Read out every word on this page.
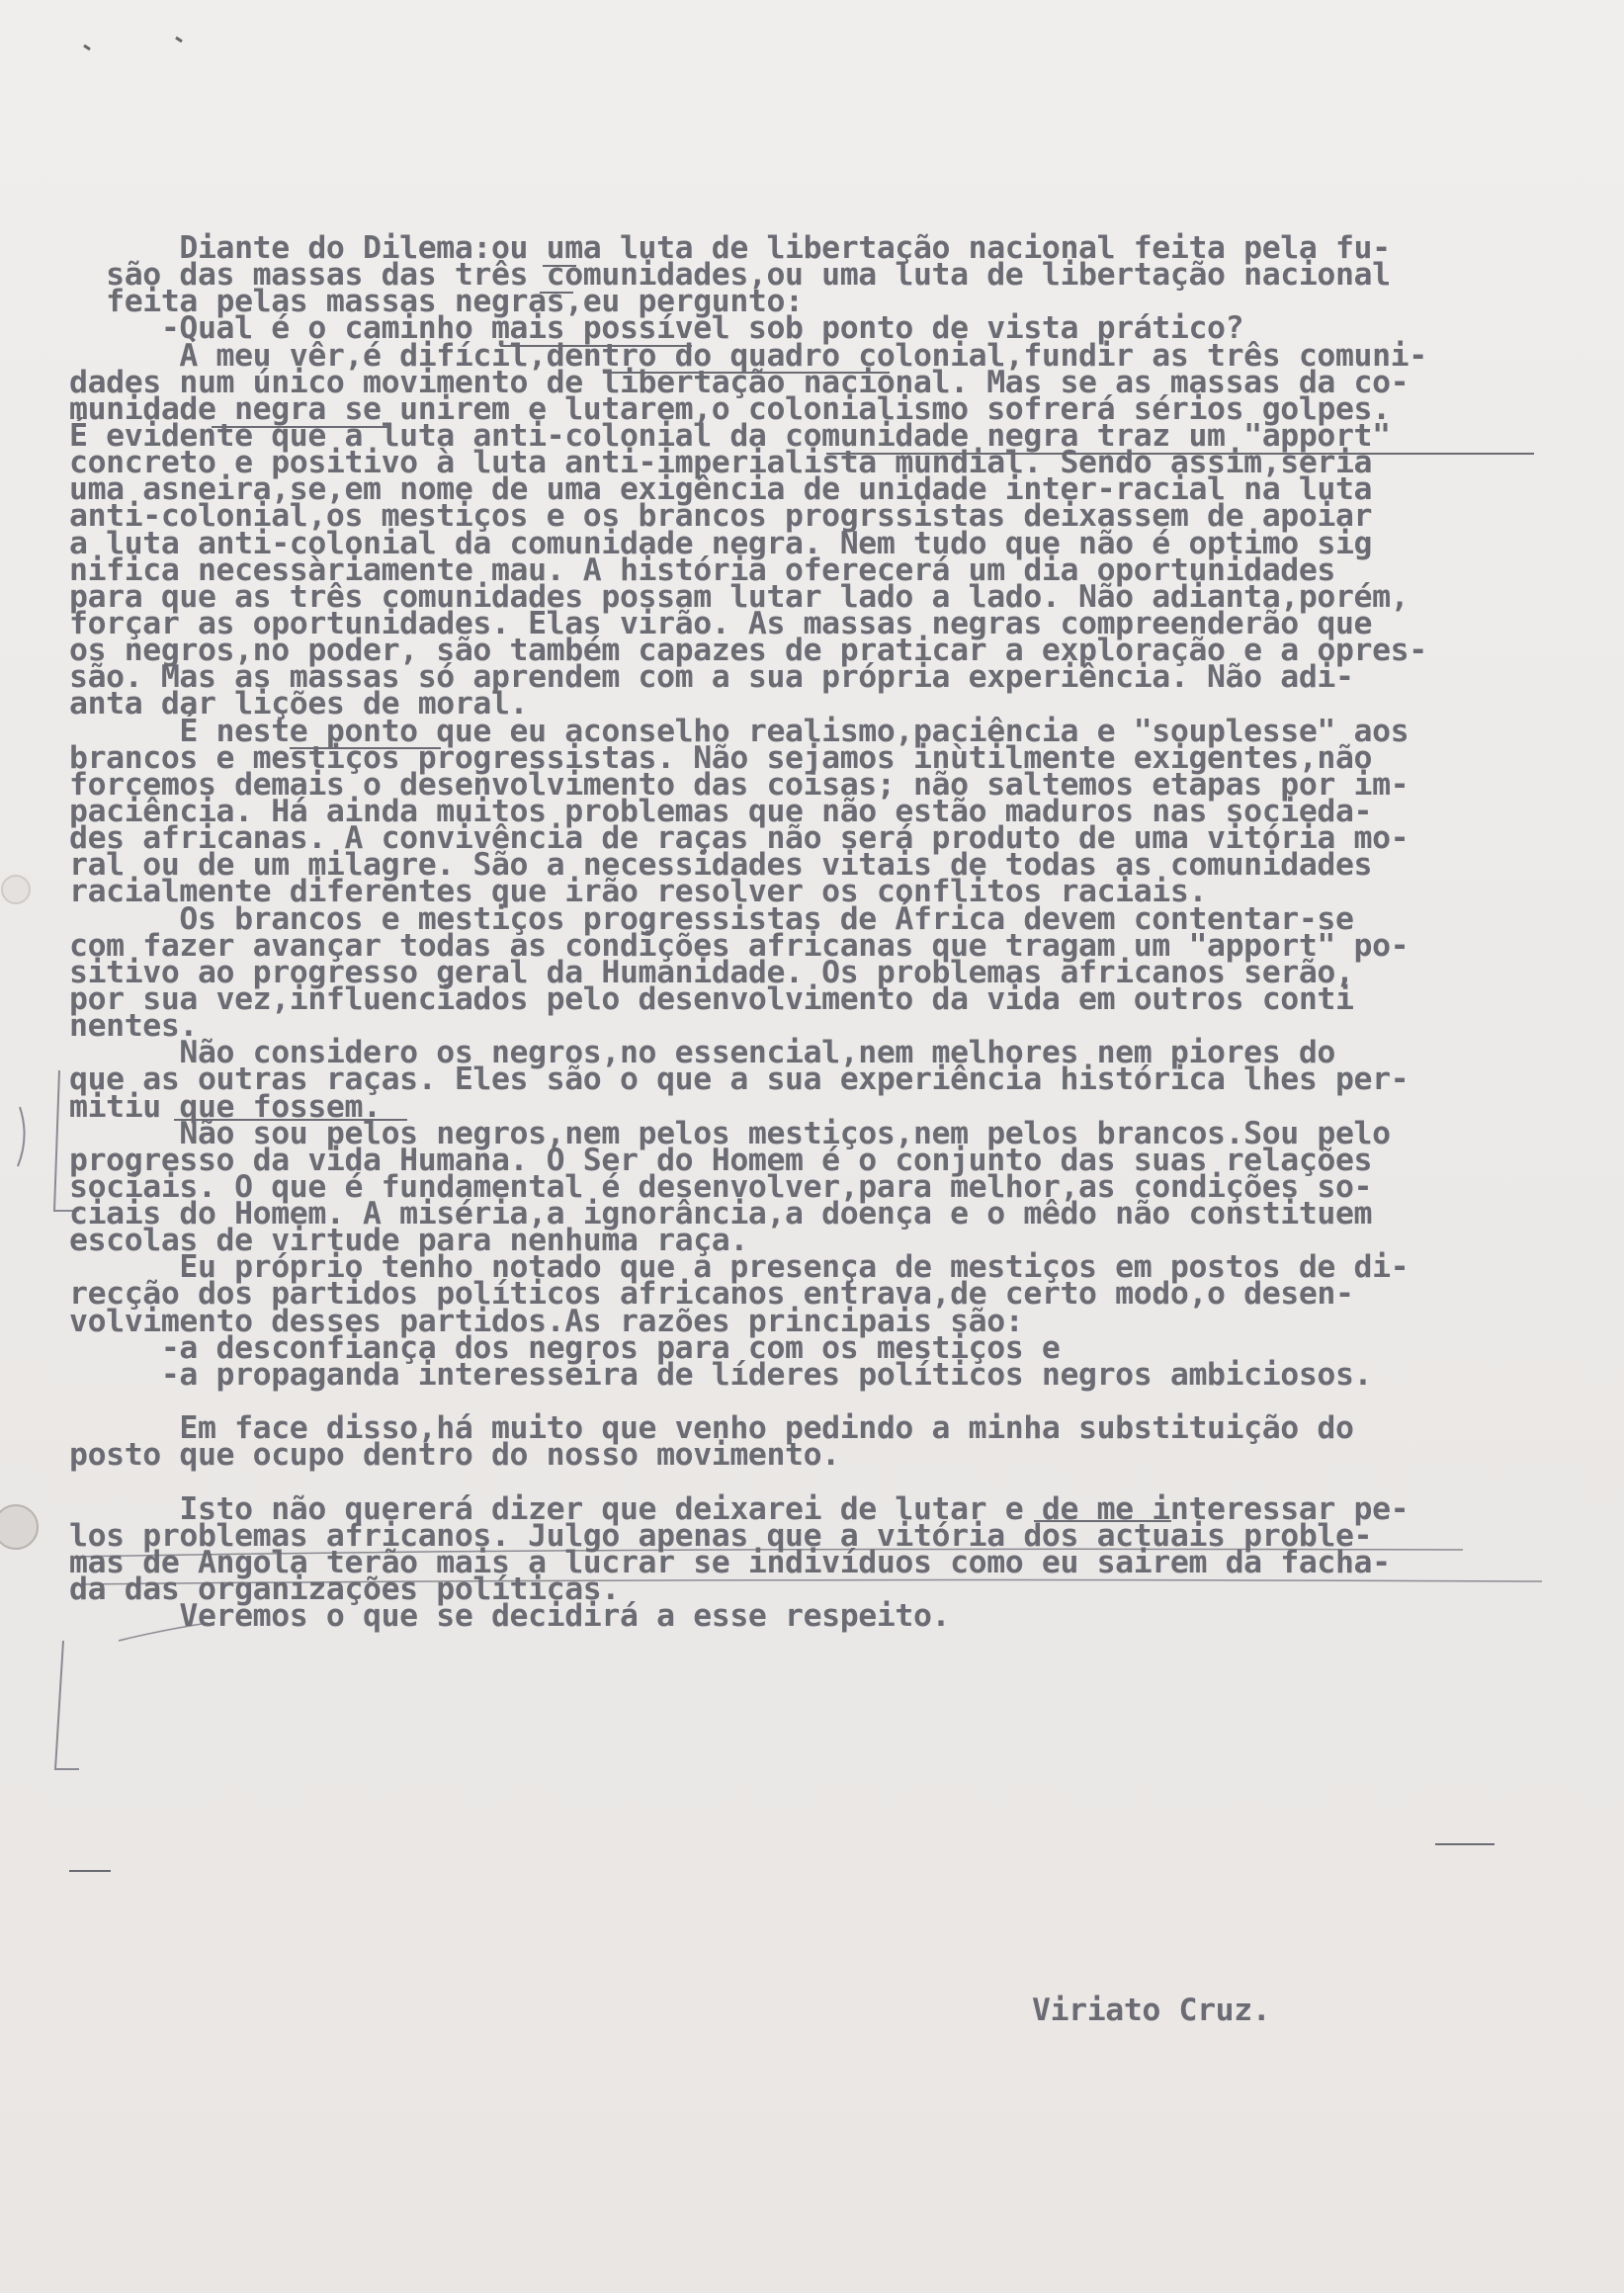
Diante do Dilema:ou uma luta de libertação nacional feita pela fu-
são das massas das três comunidades,ou uma luta de libertação nacional
feita pelas massas negras,eu pergunto:
-Qual é o caminho mais possível sob ponto de vista prático?
A meu vêr,é difícil,dentro do quadro colonial,fundir as três comuni-
dades num único movimento de libertação nacional. Mas se as massas da co-
munidade negra se unirem e lutarem,o colonialismo sofrerá sérios golpes.
É evidente que a luta anti-colonial da comunidade negra traz um "apport"
concreto e positivo à luta anti-imperialista mundial. Sendo assim,seria
uma asneira,se,em nome de uma exigência de unidade inter-racial na luta
anti-colonial,os mestiços e os brancos progrssistas deixassem de apoiar
a luta anti-colonial da comunidade negra. Nem tudo que não é optimo sig
nifica necessàriamente mau. A história oferecerá um dia oportunidades
para que as três comunidades possam lutar lado a lado. Não adianta,porém,
forçar as oportunidades. Elas virão. As massas negras compreenderão que
os negros,no poder, são também capazes de praticar a exploração e a opres-
são. Mas as massas só aprendem com a sua própria experiência. Não adi-
anta dar lições de moral.
É neste ponto que eu aconselho realismo,paciência e "souplesse" aos
brancos e mestiços progressistas. Não sejamos inùtilmente exigentes,não
forcemos demais o desenvolvimento das coisas; não saltemos etapas por im-
paciência. Há ainda muitos problemas que não estão maduros nas socieda-
des africanas. A convivência de raças não será produto de uma vitória mo-
ral ou de um milagre. São a necessidades vitais de todas as comunidades
racialmente diferentes que irão resolver os conflitos raciais.
Os brancos e mestiços progressistas de África devem contentar-se
com fazer avançar todas as condições africanas que tragam um "apport" po-
sitivo ao progresso geral da Humanidade. Os problemas africanos serão,
por sua vez,influenciados pelo desenvolvimento da vida em outros conti
nentes.
Não considero os negros,no essencial,nem melhores nem piores do
que as outras raças. Eles são o que a sua experiência histórica lhes per-
mitiu que fossem.
Não sou pelos negros,nem pelos mestiços,nem pelos brancos.Sou pelo
progresso da vida Humana. O Ser do Homem é o conjunto das suas relações
sociais. O que é fundamental é desenvolver,para melhor,as condições so-
ciais do Homem. A miséria,a ignorância,a doença e o mêdo não constituem
escolas de virtude para nenhuma raça.
Eu próprio tenho notado que a presença de mestiços em postos de di-
recção dos partidos políticos africanos entrava,de certo modo,o desen-
volvimento desses partidos.As razões principais são:
-a desconfiança dos negros para com os mestiços e
-a propaganda interesseira de líderes políticos negros ambiciosos.
Em face disso,há muito que venho pedindo a minha substituição do
posto que ocupo dentro do nosso movimento.
Isto não quererá dizer que deixarei de lutar e de me interessar pe-
los problemas africanos. Julgo apenas que a vitória dos actuais proble-
mas de Angola terão mais a lucrar se indivíduos como eu sairem da facha-
da das organizações políticas.
Veremos o que se decidirá a esse respeito.
Viriato Cruz.
